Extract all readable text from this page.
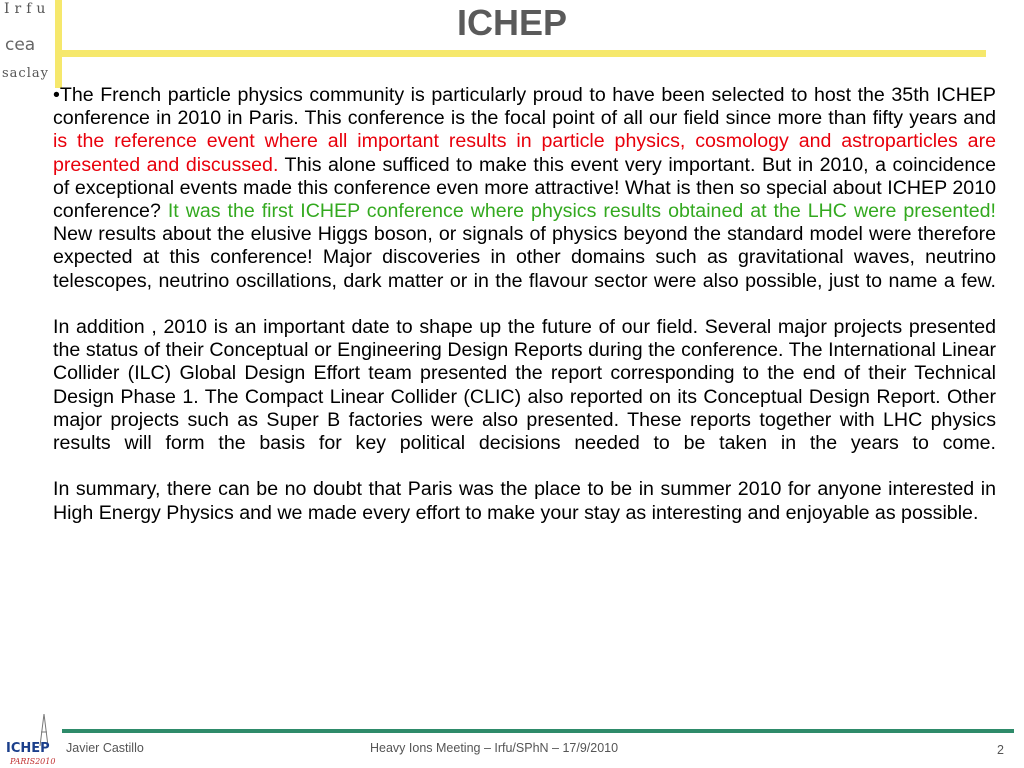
Irfu
cea
saclay
ICHEP

•The French particle physics community is particularly proud to have been selected to host the 35th ICHEP conference in 2010 in Paris. This conference is the focal point of all our field since more than fifty years and is the reference event where all important results in particle physics, cosmology and astroparticles are presented and discussed. This alone sufficed to make this event very important. But in 2010, a coincidence of exceptional events made this conference even more attractive! What is then so special about ICHEP 2010 conference? It was the first ICHEP conference where physics results obtained at the LHC were presented! New results about the elusive Higgs boson, or signals of physics beyond the standard model were therefore expected at this conference! Major discoveries in other domains such as gravitational waves, neutrino telescopes, neutrino oscillations, dark matter or in the flavour sector were also possible, just to name a few.

In addition , 2010 is an important date to shape up the future of our field. Several major projects presented the status of their Conceptual or Engineering Design Reports during the conference. The International Linear Collider (ILC) Global Design Effort team presented the report corresponding to the end of their Technical Design Phase 1. The Compact Linear Collider (CLIC) also reported on its Conceptual Design Report. Other major projects such as Super B factories were also presented. These reports together with LHC physics results will form the basis for key political decisions needed to be taken in the years to come.

In summary, there can be no doubt that Paris was the place to be in summer 2010 for anyone interested in High Energy Physics and we made every effort to make your stay as interesting and enjoyable as possible.

ICHEP
PARIS2010
Javier Castillo	Heavy Ions Meeting – Irfu/SPhN – 17/9/2010	2
